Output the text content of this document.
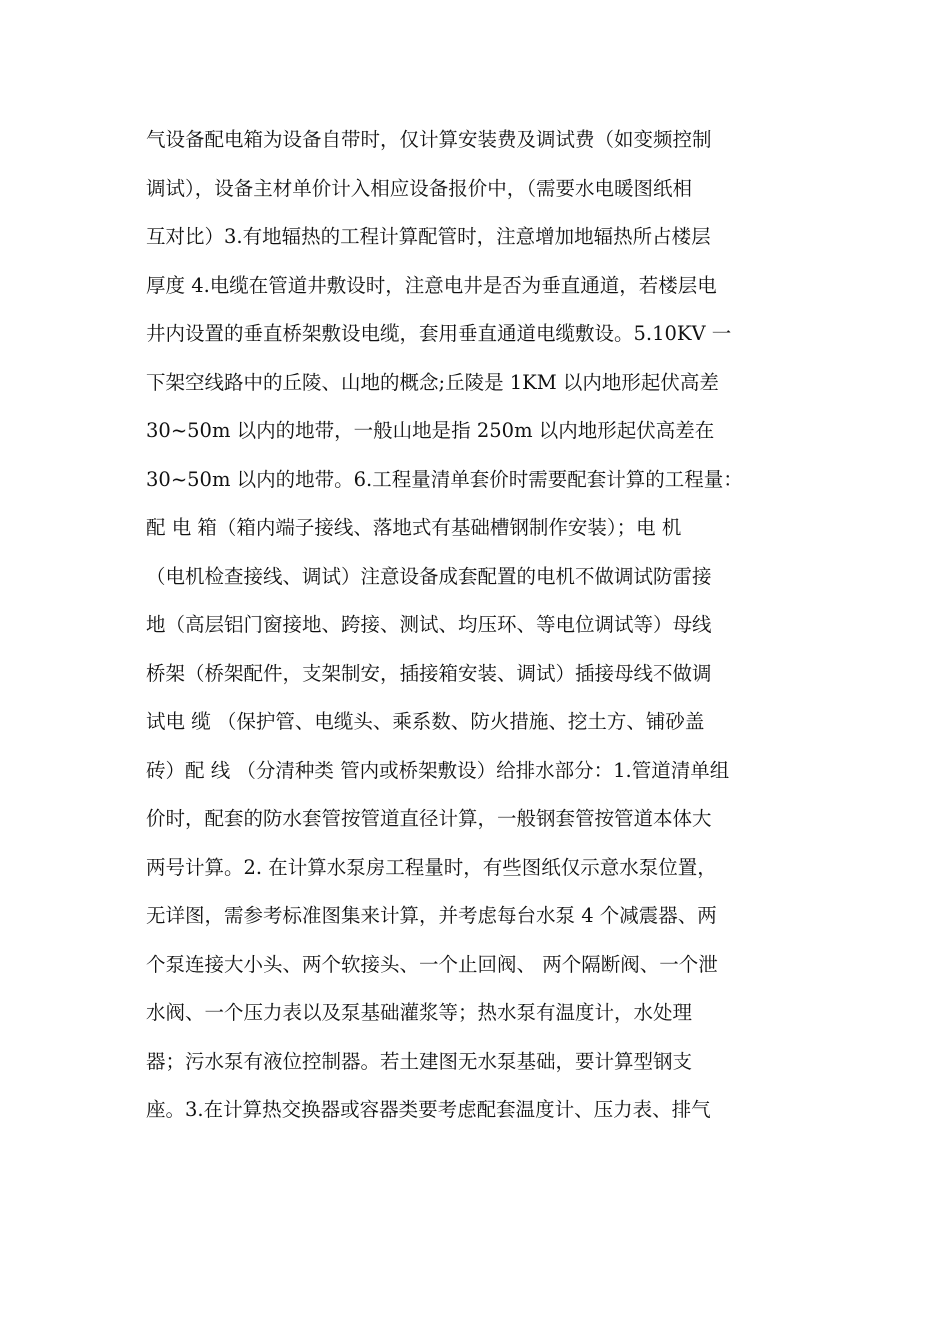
气设备配电箱为设备自带时，仅计算安装费及调试费（如变频控制
调试），设备主材单价计入相应设备报价中，（需要水电暖图纸相
互对比）3.有地辐热的工程计算配管时，注意增加地辐热所占楼层
厚度 4.电缆在管道井敷设时，注意电井是否为垂直通道，若楼层电
井内设置的垂直桥架敷设电缆，套用垂直通道电缆敷设。5.10KV 一
下架空线路中的丘陵、山地的概念;丘陵是 1KM 以内地形起伏高差
30~50m 以内的地带，一般山地是指 250m 以内地形起伏高差在
30~50m 以内的地带。6.工程量清单套价时需要配套计算的工程量：
配 电 箱（箱内端子接线、落地式有基础槽钢制作安装）；电 机
（电机检查接线、调试）注意设备成套配置的电机不做调试防雷接
地（高层铝门窗接地、跨接、测试、均压环、等电位调试等）母线
桥架（桥架配件，支架制安，插接箱安装、调试）插接母线不做调
试电 缆 （保护管、电缆头、乘系数、防火措施、挖土方、铺砂盖
砖）配 线 （分清种类 管内或桥架敷设）给排水部分：1.管道清单组
价时，配套的防水套管按管道直径计算，一般钢套管按管道本体大
两号计算。2. 在计算水泵房工程量时，有些图纸仅示意水泵位置，
无详图，需参考标准图集来计算，并考虑每台水泵 4 个减震器、两
个泵连接大小头、两个软接头、一个止回阀、 两个隔断阀、一个泄
水阀、一个压力表以及泵基础灌浆等；热水泵有温度计，水处理
器；污水泵有液位控制器。若土建图无水泵基础，要计算型钢支
座。3.在计算热交换器或容器类要考虑配套温度计、压力表、排气
